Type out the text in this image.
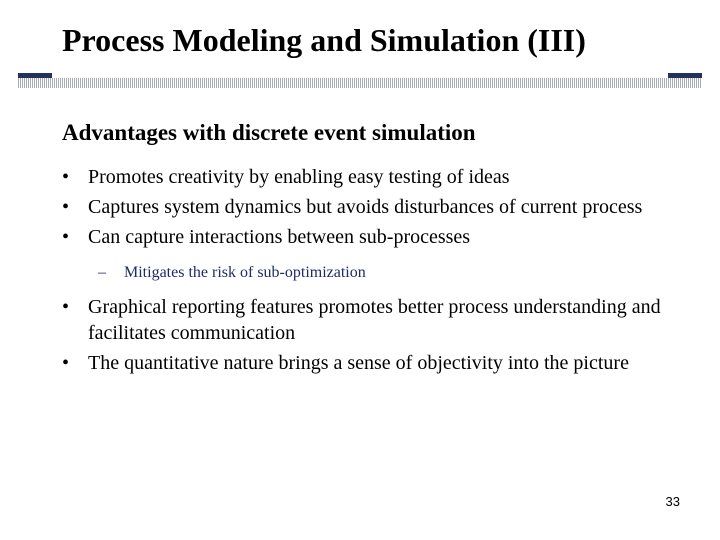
Process Modeling and Simulation (III)
Advantages with discrete event simulation
• Promotes creativity by enabling easy testing of ideas
• Captures system dynamics but avoids disturbances of current process
• Can capture interactions between sub-processes
– Mitigates the risk of sub-optimization
• Graphical reporting features promotes better process understanding and facilitates communication
• The quantitative nature brings a sense of objectivity into the picture
33
